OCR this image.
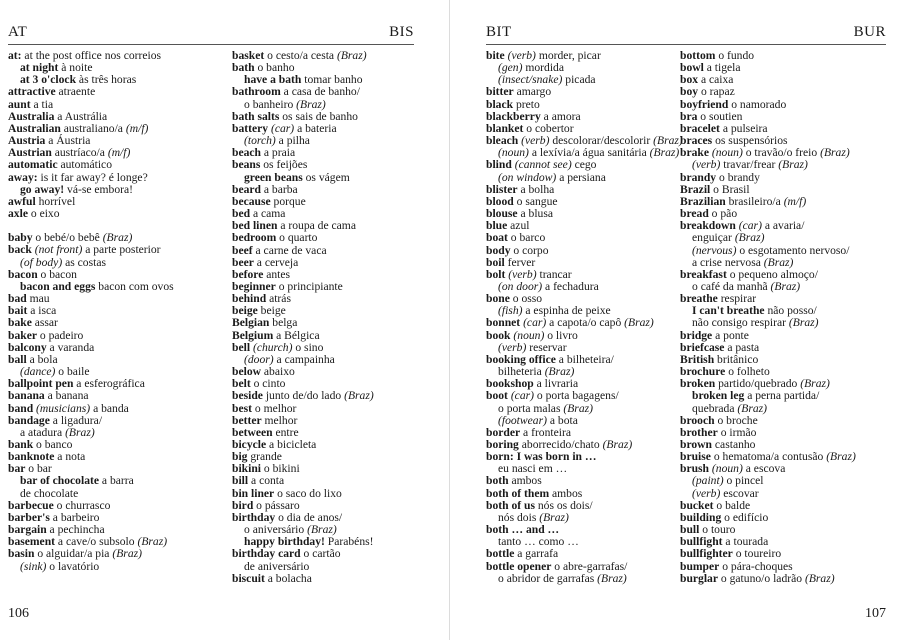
AT	BIS
at: at the post office nos correios
at night à noite
at 3 o'clock às três horas
attractive atraente
aunt a tia
Australia a Austrália
Australian australiano/a (m/f)
Austria a Áustria
Austrian austríaco/a (m/f)
automatic automático
away: is it far away? é longe?
go away! vá-se embora!
awful horrível
axle o eixo
baby o bebé/o bebê (Braz)
back (not front) a parte posterior
(of body) as costas
bacon o bacon
bacon and eggs bacon com ovos
bad mau
bait a isca
bake assar
baker o padeiro
balcony a varanda
ball a bola
(dance) o baile
ballpoint pen a esferográfica
banana a banana
band (musicians) a banda
bandage a ligadura/
a atadura (Braz)
bank o banco
banknote a nota
bar o bar
bar of chocolate a barra
de chocolate
barbecue o churrasco
barber's a barbeiro
bargain a pechincha
basement a cave/o subsolo (Braz)
basin o alguidar/a pia (Braz)
(sink) o lavatório
basket o cesto/a cesta (Braz)
bath o banho
have a bath tomar banho
bathroom a casa de banho/
o banheiro (Braz)
bath salts os sais de banho
battery (car) a bateria
(torch) a pilha
beach a praia
beans os feijões
green beans os vágem
beard a barba
because porque
bed a cama
bed linen a roupa de cama
bedroom o quarto
beef a carne de vaca
beer a cerveja
before antes
beginner o principiante
behind atrás
beige beige
Belgian belga
Belgium a Bélgica
bell (church) o sino
(door) a campainha
below abaixo
belt o cinto
beside junto de/do lado (Braz)
best o melhor
better melhor
between entre
bicycle a bicicleta
big grande
bikini o bikini
bill a conta
bin liner o saco do lixo
bird o pássaro
birthday o dia de anos/
o aniversário (Braz)
happy birthday! Parabéns!
birthday card o cartão
de aniversário
biscuit a bolacha
106
BIT	BUR
bite (verb) morder, picar
(gen) mordida
(insect/snake) picada
bitter amargo
black preto
blackberry a amora
blanket o cobertor
bleach (verb) descolorar/descolorir (Braz)
(noun) a lexívia/a água sanitária (Braz)
blind (cannot see) cego
(on window) a persiana
blister a bolha
blood o sangue
blouse a blusa
blue azul
boat o barco
body o corpo
boil ferver
bolt (verb) trancar
(on door) a fechadura
bone o osso
(fish) a espinha de peixe
bonnet (car) a capota/o capô (Braz)
book (noun) o livro
(verb) reservar
booking office a bilheteira/
bilheteria (Braz)
bookshop a livraria
boot (car) o porta bagagens/
o porta malas (Braz)
(footwear) a bota
border a fronteira
boring aborrecido/chato (Braz)
born: I was born in …
eu nasci em …
both ambos
both of them ambos
both of us nós os dois/
nós dois (Braz)
both … and …
tanto … como …
bottle a garrafa
bottle opener o abre-garrafas/
o abridor de garrafas (Braz)
bottom o fundo
bowl a tigela
box a caixa
boy o rapaz
boyfriend o namorado
bra o soutien
bracelet a pulseira
braces os suspensórios
brake (noun) o travão/o freio (Braz)
(verb) travar/frear (Braz)
brandy o brandy
Brazil o Brasil
Brazilian brasileiro/a (m/f)
bread o pão
breakdown (car) a avaria/
enguiçar (Braz)
(nervous) o esgotamento nervoso/
a crise nervosa (Braz)
breakfast o pequeno almoço/
o café da manhã (Braz)
breathe respirar
I can't breathe não posso/
não consigo respirar (Braz)
bridge a ponte
briefcase a pasta
British britânico
brochure o folheto
broken partido/quebrado (Braz)
broken leg a perna partida/
quebrada (Braz)
brooch o broche
brother o irmão
brown castanho
bruise o hematoma/a contusão (Braz)
brush (noun) a escova
(paint) o pincel
(verb) escovar
bucket o balde
building o edifício
bull o touro
bullfight a tourada
bullfighter o toureiro
bumper o pára-choques
burglar o gatuno/o ladrão (Braz)
107
